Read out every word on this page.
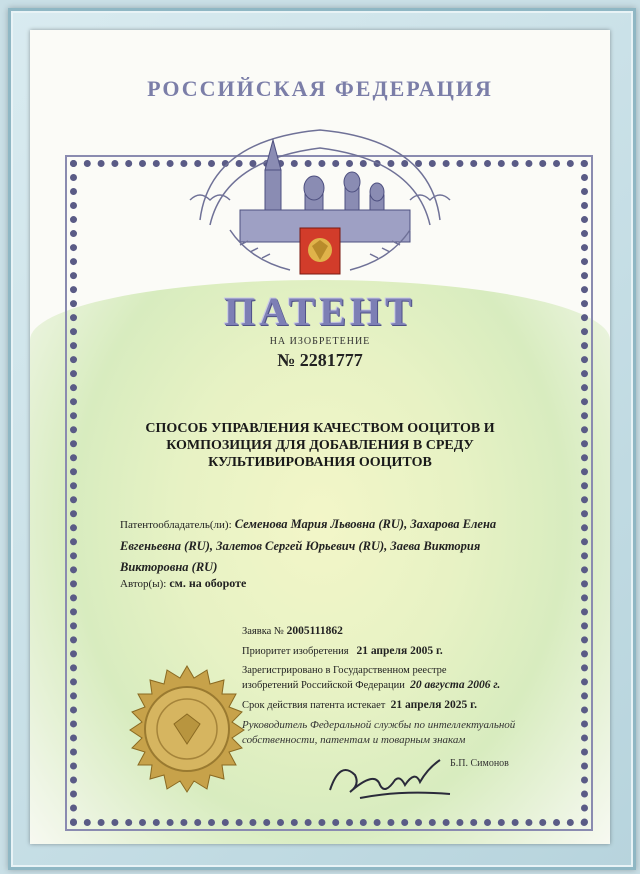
РОССИЙСКАЯ ФЕДЕРАЦИЯ
ПАТЕНТ
НА ИЗОБРЕТЕНИЕ
№ 2281777
СПОСОБ УПРАВЛЕНИЯ КАЧЕСТВОМ ООЦИТОВ И КОМПОЗИЦИЯ ДЛЯ ДОБАВЛЕНИЯ В СРЕДУ КУЛЬТИВИРОВАНИЯ ООЦИТОВ
Патентообладатель(ли): Семенова Мария Львовна (RU), Захарова Елена Евгеньевна (RU), Залетов Сергей Юрьевич (RU), Заева Виктория Викторовна (RU)
Автор(ы): см. на обороте
Заявка № 2005111862
Приоритет изобретения 21 апреля 2005 г.
Зарегистрировано в Государственном реестре
изобретений Российской Федерации 20 августа 2006 г.
Срок действия патента истекает 21 апреля 2025 г.
Руководитель Федеральной службы по интеллектуальной собственности, патентам и товарным знакам
Б.П. Симонов
